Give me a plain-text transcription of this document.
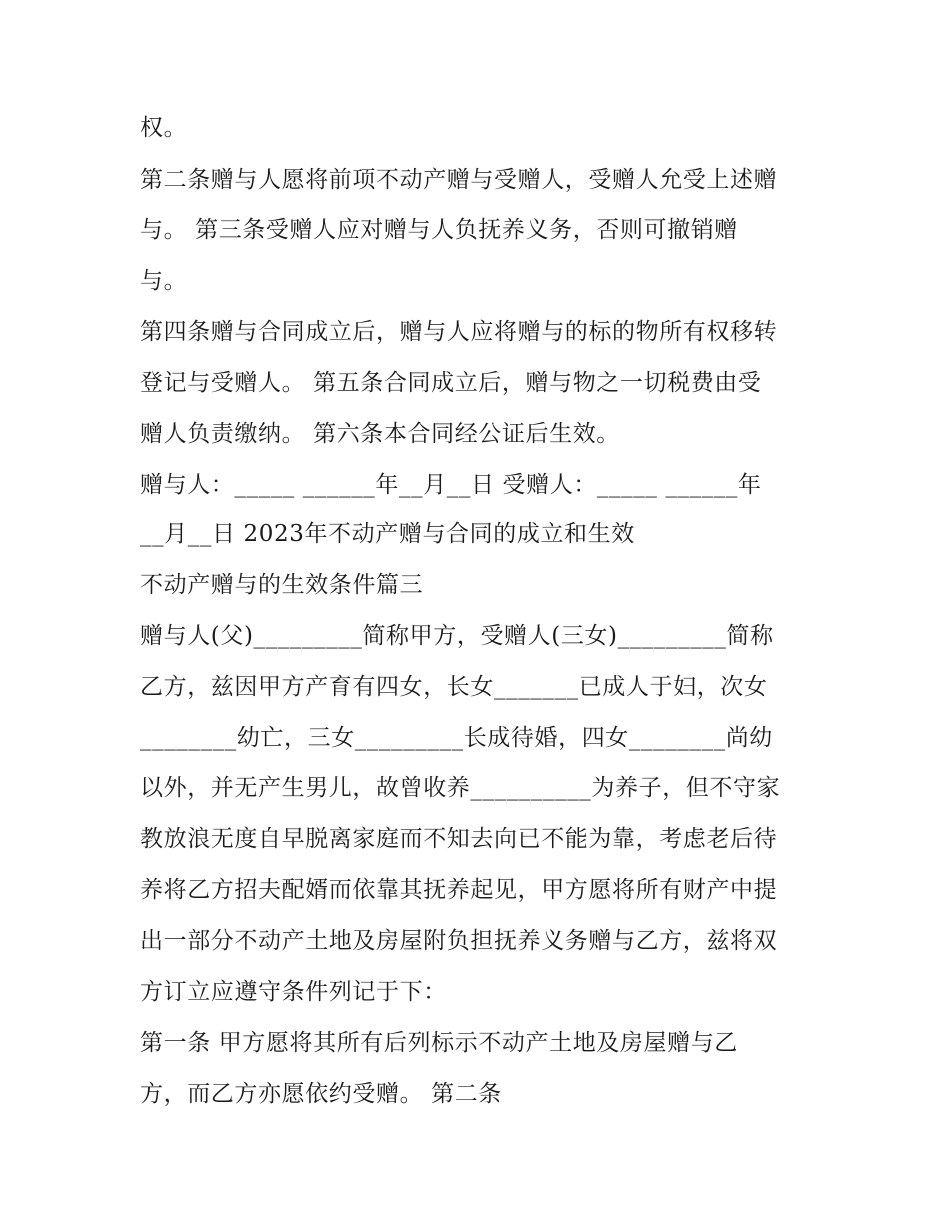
权。

第二条赠与人愿将前项不动产赠与受赠人，受赠人允受上述赠

与。 第三条受赠人应对赠与人负抚养义务，否则可撤销赠

与。

第四条赠与合同成立后，赠与人应将赠与的标的物所有权移转

登记与受赠人。 第五条合同成立后，赠与物之一切税费由受

赠人负责缴纳。 第六条本合同经公证后生效。

赠与人：_____ ______年__月__日 受赠人：_____ ______年

__月__日 2023年不动产赠与合同的成立和生效

不动产赠与的生效条件篇三

赠与人(父)_________简称甲方，受赠人(三女)_________简称

乙方，兹因甲方产育有四女，长女_______已成人于妇，次女

________幼亡，三女_________长成待婚，四女________尚幼

以外，并无产生男儿，故曾收养__________为养子，但不守家

教放浪无度自早脱离家庭而不知去向已不能为靠，考虑老后待

养将乙方招夫配婿而依靠其抚养起见，甲方愿将所有财产中提

出一部分不动产土地及房屋附负担抚养义务赠与乙方，兹将双

方订立应遵守条件列记于下：

第一条 甲方愿将其所有后列标示不动产土地及房屋赠与乙

方，而乙方亦愿依约受赠。 第二条
